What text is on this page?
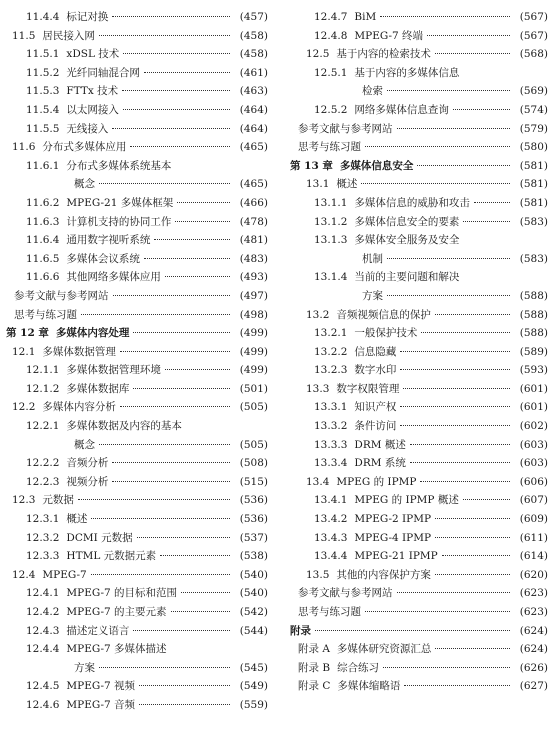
11.4.4 标记对换	(457)
11.5 居民接入网	(458)
11.5.1 xDSL 技术	(458)
11.5.2 光纤同轴混合网	(461)
11.5.3 FTTx 技术	(463)
11.5.4 以太网接入	(464)
11.5.5 无线接入	(464)
11.6 分布式多媒体应用	(465)
11.6.1 分布式多媒体系统基本
概念	(465)
11.6.2 MPEG-21 多媒体框架	(466)
11.6.3 计算机支持的协同工作	(478)
11.6.4 通用数字视听系统	(481)
11.6.5 多媒体会议系统	(483)
11.6.6 其他网络多媒体应用	(493)
参考文献与参考网站	(497)
思考与练习题	(498)
第 12 章 多媒体内容处理	(499)
12.1 多媒体数据管理	(499)
12.1.1 多媒体数据管理环境	(499)
12.1.2 多媒体数据库	(501)
12.2 多媒体内容分析	(505)
12.2.1 多媒体数据及内容的基本
概念	(505)
12.2.2 音频分析	(508)
12.2.3 视频分析	(515)
12.3 元数据	(536)
12.3.1 概述	(536)
12.3.2 DCMI 元数据	(537)
12.3.3 HTML 元数据元素	(538)
12.4 MPEG-7	(540)
12.4.1 MPEG-7 的目标和范围	(540)
12.4.2 MPEG-7 的主要元素	(542)
12.4.3 描述定义语言	(544)
12.4.4 MPEG-7 多媒体描述
方案	(545)
12.4.5 MPEG-7 视频	(549)
12.4.6 MPEG-7 音频	(559)
12.4.7 BiM	(567)
12.4.8 MPEG-7 终端	(567)
12.5 基于内容的检索技术	(568)
12.5.1 基于内容的多媒体信息
检索	(569)
12.5.2 网络多媒体信息查询	(574)
参考文献与参考网站	(579)
思考与练习题	(580)
第 13 章 多媒体信息安全	(581)
13.1 概述	(581)
13.1.1 多媒体信息的威胁和攻击	(581)
13.1.2 多媒体信息安全的要素	(583)
13.1.3 多媒体安全服务及安全
机制	(583)
13.1.4 当前的主要问题和解决
方案	(588)
13.2 音频视频信息的保护	(588)
13.2.1 一般保护技术	(588)
13.2.2 信息隐藏	(589)
13.2.3 数字水印	(593)
13.3 数字权限管理	(601)
13.3.1 知识产权	(601)
13.3.2 条件访问	(602)
13.3.3 DRM 概述	(603)
13.3.4 DRM 系统	(603)
13.4 MPEG 的 IPMP	(606)
13.4.1 MPEG 的 IPMP 概述	(607)
13.4.2 MPEG-2 IPMP	(609)
13.4.3 MPEG-4 IPMP	(611)
13.4.4 MPEG-21 IPMP	(614)
13.5 其他的内容保护方案	(620)
参考文献与参考网站	(623)
思考与练习题	(623)
附录	(624)
附录 A 多媒体研究资源汇总	(624)
附录 B 综合练习	(626)
附录 C 多媒体缩略语	(627)
